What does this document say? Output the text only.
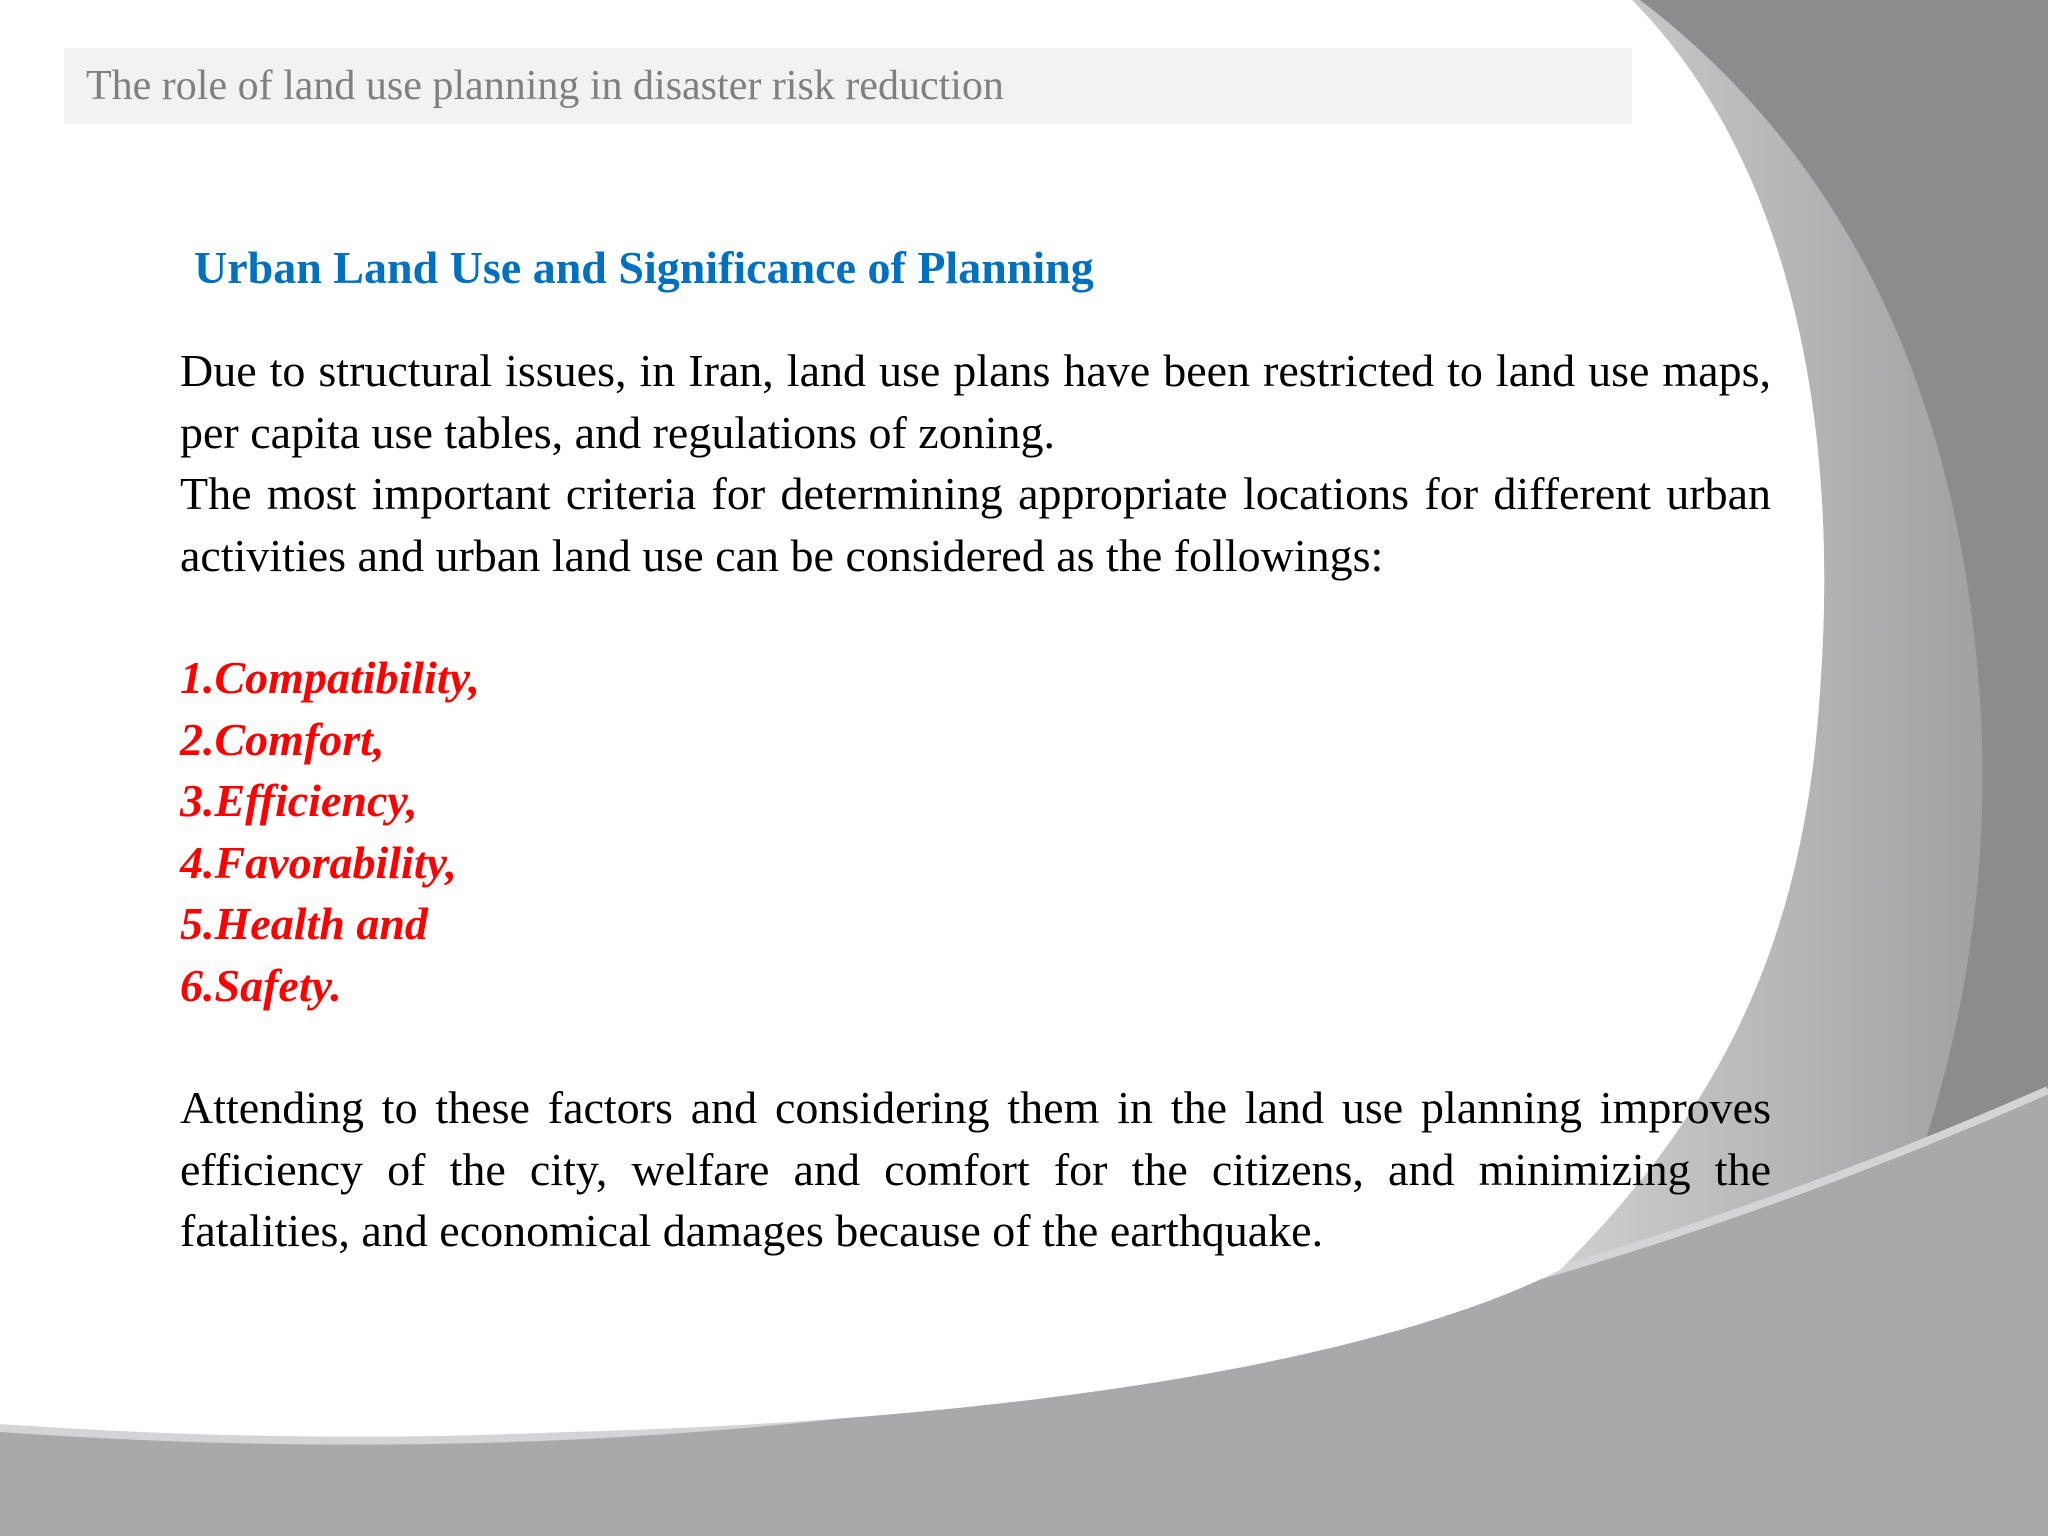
The role of land use planning in disaster risk reduction
Urban Land Use and Significance of Planning

Due to structural issues, in Iran, land use plans have been restricted to land use maps, per capita use tables, and regulations of zoning.

The most important criteria for determining appropriate locations for different urban activities and urban land use can be considered as the followings:

1.Compatibility,
2.Comfort,
3.Efficiency,
4.Favorability,
5.Health and
6.Safety.

Attending to these factors and considering them in the land use planning improves efficiency of the city, welfare and comfort for the citizens, and minimizing the fatalities, and economical damages because of the earthquake.
